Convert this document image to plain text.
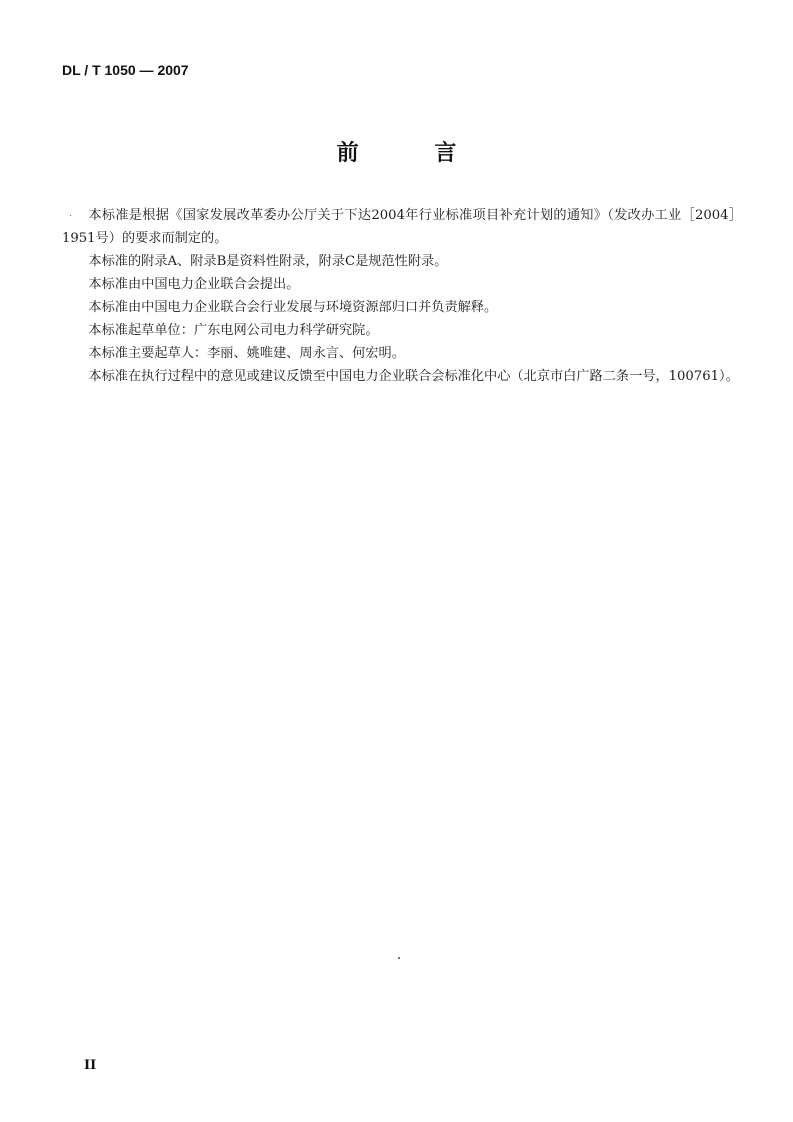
DL / T 1050 — 2007
前 言

本标准是根据《国家发展改革委办公厅关于下达2004年行业标准项目补充计划的通知》（发改办工业［2004］1951号）的要求而制定的。

本标准的附录A、附录B是资料性附录，附录C是规范性附录。

本标准由中国电力企业联合会提出。

本标准由中国电力企业联合会行业发展与环境资源部归口并负责解释。

本标准起草单位：广东电网公司电力科学研究院。

本标准主要起草人：李丽、姚唯建、周永言、何宏明。

本标准在执行过程中的意见或建议反馈至中国电力企业联合会标准化中心（北京市白广路二条一号，100761）。

II
